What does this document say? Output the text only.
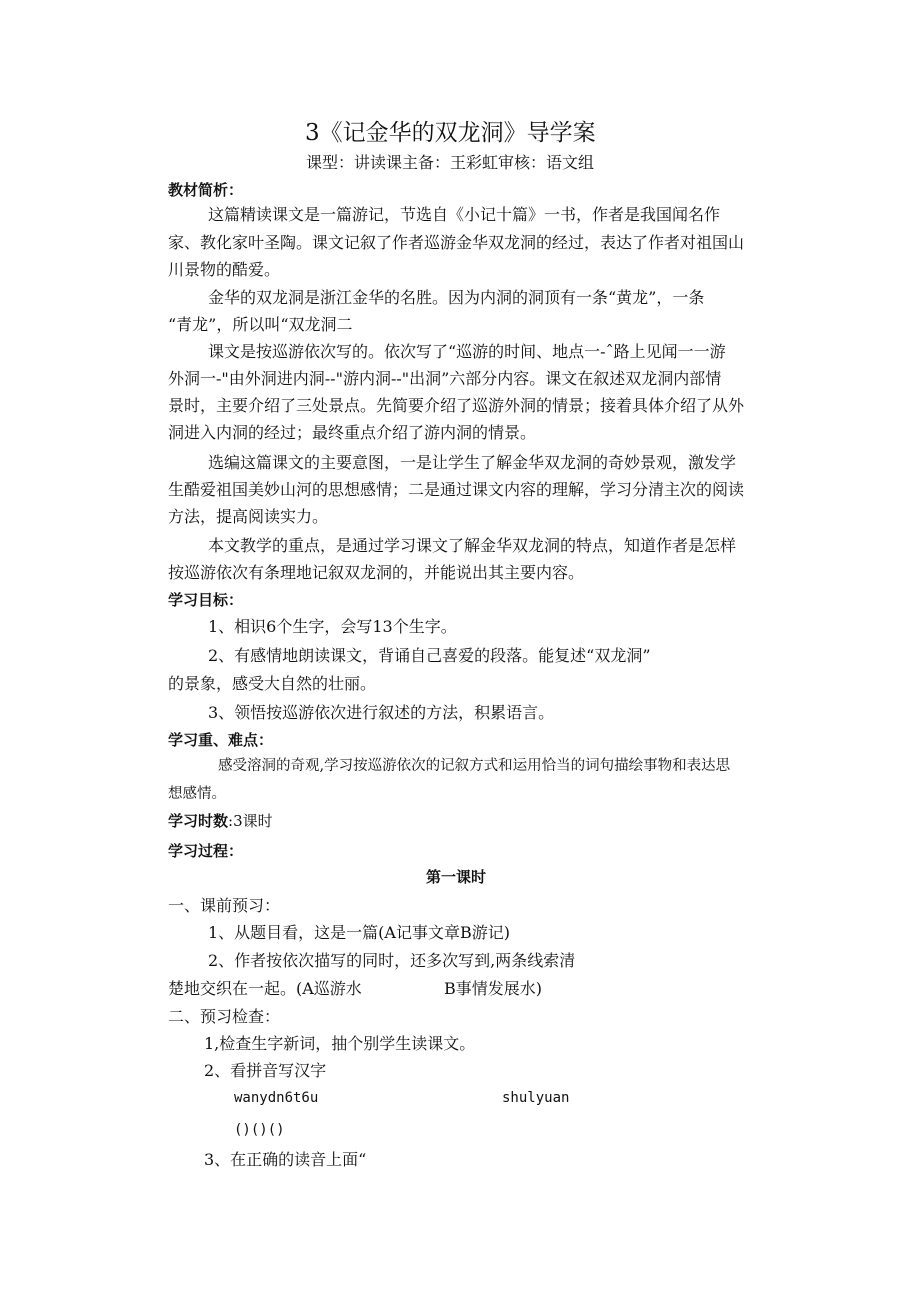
3《记金华的双龙洞》导学案
课型：讲读课主备：王彩虹审核：语文组
教材简析：
这篇精读课文是一篇游记，节选自《小记十篇》一书，作者是我国闻名作
家、教化家叶圣陶。课文记叙了作者巡游金华双龙洞的经过，表达了作者对祖国山
川景物的酷爱。
金华的双龙洞是浙江金华的名胜。因为内洞的洞顶有一条“黄龙”，一条
“青龙”，所以叫“双龙洞二
课文是按巡游依次写的。依次写了“巡游的时间、地点一-ˆ路上见闻一一游
外洞一-"由外洞进内洞--"游内洞--"出洞”六部分内容。课文在叙述双龙洞内部情
景时，主要介绍了三处景点。先简要介绍了巡游外洞的情景；接着具体介绍了从外
洞进入内洞的经过；最终重点介绍了游内洞的情景。
选编这篇课文的主要意图，一是让学生了解金华双龙洞的奇妙景观，激发学
生酷爱祖国美妙山河的思想感情；二是通过课文内容的理解，学习分清主次的阅读
方法，提高阅读实力。
本文教学的重点，是通过学习课文了解金华双龙洞的特点，知道作者是怎样
按巡游依次有条理地记叙双龙洞的，并能说出其主要内容。
学习目标：
1、相识6个生字，会写13个生字。
2、有感情地朗读课文，背诵自己喜爱的段落。能复述“双龙洞”
的景象，感受大自然的壮丽。
3、领悟按巡游依次进行叙述的方法，积累语言。
学习重、难点：
感受溶洞的奇观,学习按巡游依次的记叙方式和运用恰当的词句描绘事物和表达思
想感情。
学习时数:3课时
学习过程：
第一课时
一、课前预习：
1、从题目看，这是一篇(A记事文章B游记)
2、作者按依次描写的同时，还多次写到,两条线索清
楚地交织在一起。(A巡游水	B事情发展水)
二、预习检查：
1,检查生字新词，抽个别学生读课文。
2、看拼音写汉字
wanydn6t6u	shulyuan
()()()
3、在正确的读音上面“
